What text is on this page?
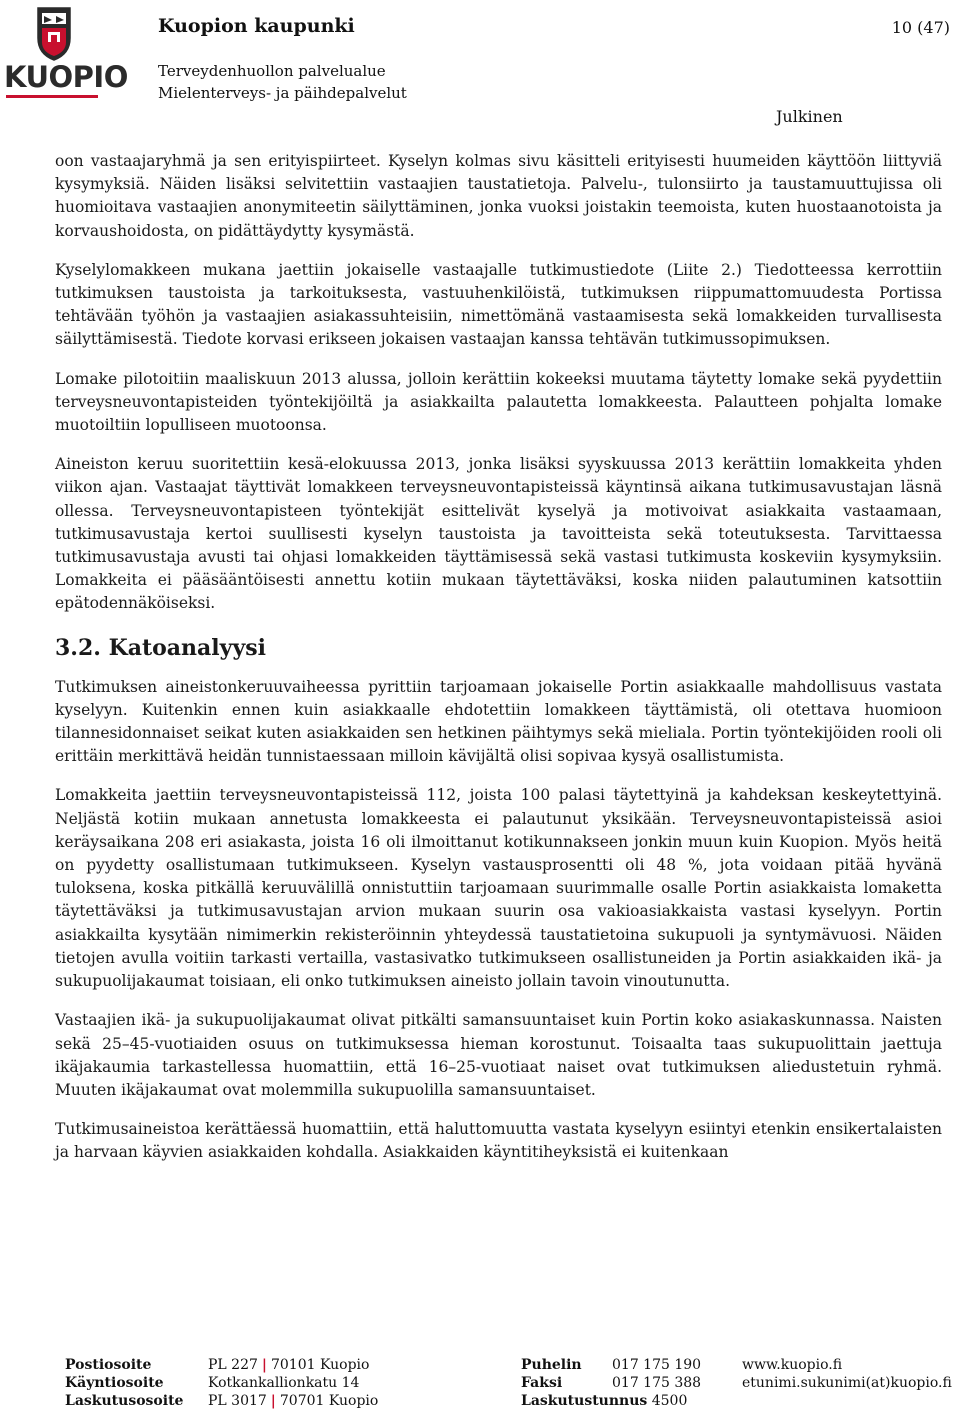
KUOPIO
Kuopion kaupunki	10 (47)
Terveydenhuollon palvelualue
Mielenterveys- ja päihdepalvelut
Julkinen

oon vastaajaryhmä ja sen erityispiirteet. Kyselyn kolmas sivu käsitteli erityisesti huumeiden käyttöön liittyviä kysymyksiä. Näiden lisäksi selvitettiin vastaajien taustatietoja. Palvelu-, tulonsiirto ja taustamuuttujissa oli huomioitava vastaajien anonymiteetin säilyttäminen, jonka vuoksi joistakin teemoista, kuten huostaanotoista ja korvaushoidosta, on pidättäydytty kysymästä.

Kyselylomakkeen mukana jaettiin jokaiselle vastaajalle tutkimustiedote (Liite 2.) Tiedotteessa kerrottiin tutkimuksen taustoista ja tarkoituksesta, vastuuhenkilöistä, tutkimuksen riippumattomuudesta Portissa tehtävään työhön ja vastaajien asiakassuhteisiin, nimettömänä vastaamisesta sekä lomakkeiden turvallisesta säilyttämisestä. Tiedote korvasi erikseen jokaisen vastaajan kanssa tehtävän tutkimussopimuksen.

Lomake pilotoitiin maaliskuun 2013 alussa, jolloin kerättiin kokeeksi muutama täytetty lomake sekä pyydettiin terveysneuvontapisteiden työntekijöiltä ja asiakkailta palautetta lomakkeesta. Palautteen pohjalta lomake muotoiltiin lopulliseen muotoonsa.

Aineiston keruu suoritettiin kesä-elokuussa 2013, jonka lisäksi syyskuussa 2013 kerättiin lomakkeita yhden viikon ajan. Vastaajat täyttivät lomakkeen terveysneuvontapisteissä käyntinsä aikana tutkimusavustajan läsnä ollessa. Terveysneuvontapisteen työntekijät esittelivät kyselyä ja motivoivat asiakkaita vastaamaan, tutkimusavustaja kertoi suullisesti kyselyn taustoista ja tavoitteista sekä toteutuksesta. Tarvittaessa tutkimusavustaja avusti tai ohjasi lomakkeiden täyttämisessä sekä vastasi tutkimusta koskeviin kysymyksiin. Lomakkeita ei pääsääntöisesti annettu kotiin mukaan täytettäväksi, koska niiden palautuminen katsottiin epätodennäköiseksi.

3.2. Katoanalyysi

Tutkimuksen aineistonkeruuvaiheessa pyrittiin tarjoamaan jokaiselle Portin asiakkaalle mahdollisuus vastata kyselyyn. Kuitenkin ennen kuin asiakkaalle ehdotettiin lomakkeen täyttämistä, oli otettava huomioon tilannesidonnaiset seikat kuten asiakkaiden sen hetkinen päihtymys sekä mieliala. Portin työntekijöiden rooli oli erittäin merkittävä heidän tunnistaessaan milloin kävijältä olisi sopivaa kysyä osallistumista.

Lomakkeita jaettiin terveysneuvontapisteissä 112, joista 100 palasi täytettyinä ja kahdeksan keskeytettyinä. Neljästä kotiin mukaan annetusta lomakkeesta ei palautunut yksikään. Terveysneuvontapisteissä asioi keräysaikana 208 eri asiakasta, joista 16 oli ilmoittanut kotikunnakseen jonkin muun kuin Kuopion. Myös heitä on pyydetty osallistumaan tutkimukseen. Kyselyn vastausprosentti oli 48 %, jota voidaan pitää hyvänä tuloksena, koska pitkällä keruuvälillä onnistuttiin tarjoamaan suurimmalle osalle Portin asiakkaista lomaketta täytettäväksi ja tutkimusavustajan arvion mukaan suurin osa vakioasiakkaista vastasi kyselyyn. Portin asiakkailta kysytään nimimerkin rekisteröinnin yhteydessä taustatietoina sukupuoli ja syntymävuosi. Näiden tietojen avulla voitiin tarkasti vertailla, vastasivatko tutkimukseen osallistuneiden ja Portin asiakkaiden ikä- ja sukupuolijakaumat toisiaan, eli onko tutkimuksen aineisto jollain tavoin vinoutunutta.

Vastaajien ikä- ja sukupuolijakaumat olivat pitkälti samansuuntaiset kuin Portin koko asiakaskunnassa. Naisten sekä 25–45-vuotiaiden osuus on tutkimuksessa hieman korostunut. Toisaalta taas sukupuolittain jaettuja ikäjakaumia tarkastellessa huomattiin, että 16–25-vuotiaat naiset ovat tutkimuksen aliedustetuin ryhmä. Muuten ikäjakaumat ovat molemmilla sukupuolilla samansuuntaiset.

Tutkimusaineistoa kerättäessä huomattiin, että haluttomuutta vastata kyselyyn esiintyi etenkin ensikertalaisten ja harvaan käyvien asiakkaiden kohdalla. Asiakkaiden käyntitiheyksistä ei kuitenkaan

Postiosoite
Käyntiosoite
Laskutusosoite
PL 227 | 70101 Kuopio
Kotkankallionkatu 14
PL 3017 | 70701 Kuopio
Puhelin
Faksi
Laskutustunnus 4500
017 175 190
017 175 388
www.kuopio.fi
etunimi.sukunimi(at)kuopio.fi
